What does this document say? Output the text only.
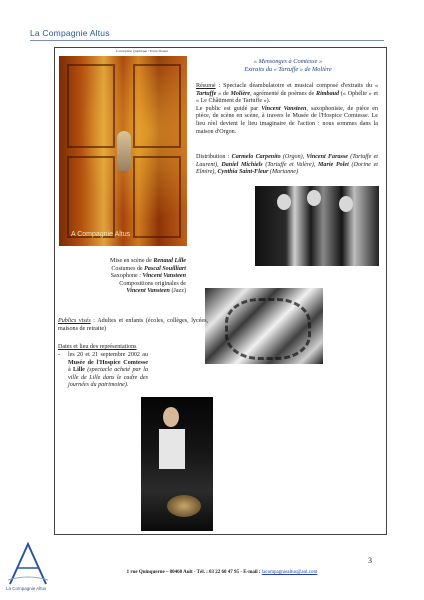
La Compagnie Altus
Conception graphique : Tobie Dourer
A Compagnie Altus
« Mensonges à Comtesse »
Extraits du « Tartuffe » de Molière
Résumé : Spectacle déambulatoire et musical composé d'extraits du « Tartuffe » de Molière, agrémenté de poèmes de Rimbaud (« Ophélie » et « Le Châtiment de Tartuffe »).
Le public est guidé par Vincent Vansteen, saxophoniste, de pièce en pièce, de scène en scène, à travers le Musée de l'Hospice Comtesse. Le lieu réel devient le lieu imaginaire de l'action : nous sommes dans la maison d'Orgon.
Distribution : Carmelo Carpenito (Orgon), Vincent Farasse (Tartuffe et Laurent), Daniel Michiels (Tartuffe et Valère), Marie Polet (Dorine et Elmire), Cynthia Saint-Fleur (Marianne)
Mise en scène de Renaud Lille
Costumes de Pascal Souilliart
Saxophone : Vincent Vansteen
Compositions originales de
Vincent Vansteen (Jazz)
Publics visés : Adultes et enfants (écoles, collèges, lycées, maisons de retraite)
Dates et lieu des représentations
-	les 20 et 21 septembre 2002 au Musée de l'Hospice Comtesse à Lille (spectacle acheté par la ville de Lille dans le cadre des journées du patrimoine).
3
1 rue Quinquerne – 80460 Ault - Tél. : 03 22 60 47 95 - E-mail : lacompagniealtus@aol.com
La Compagnie Altus
